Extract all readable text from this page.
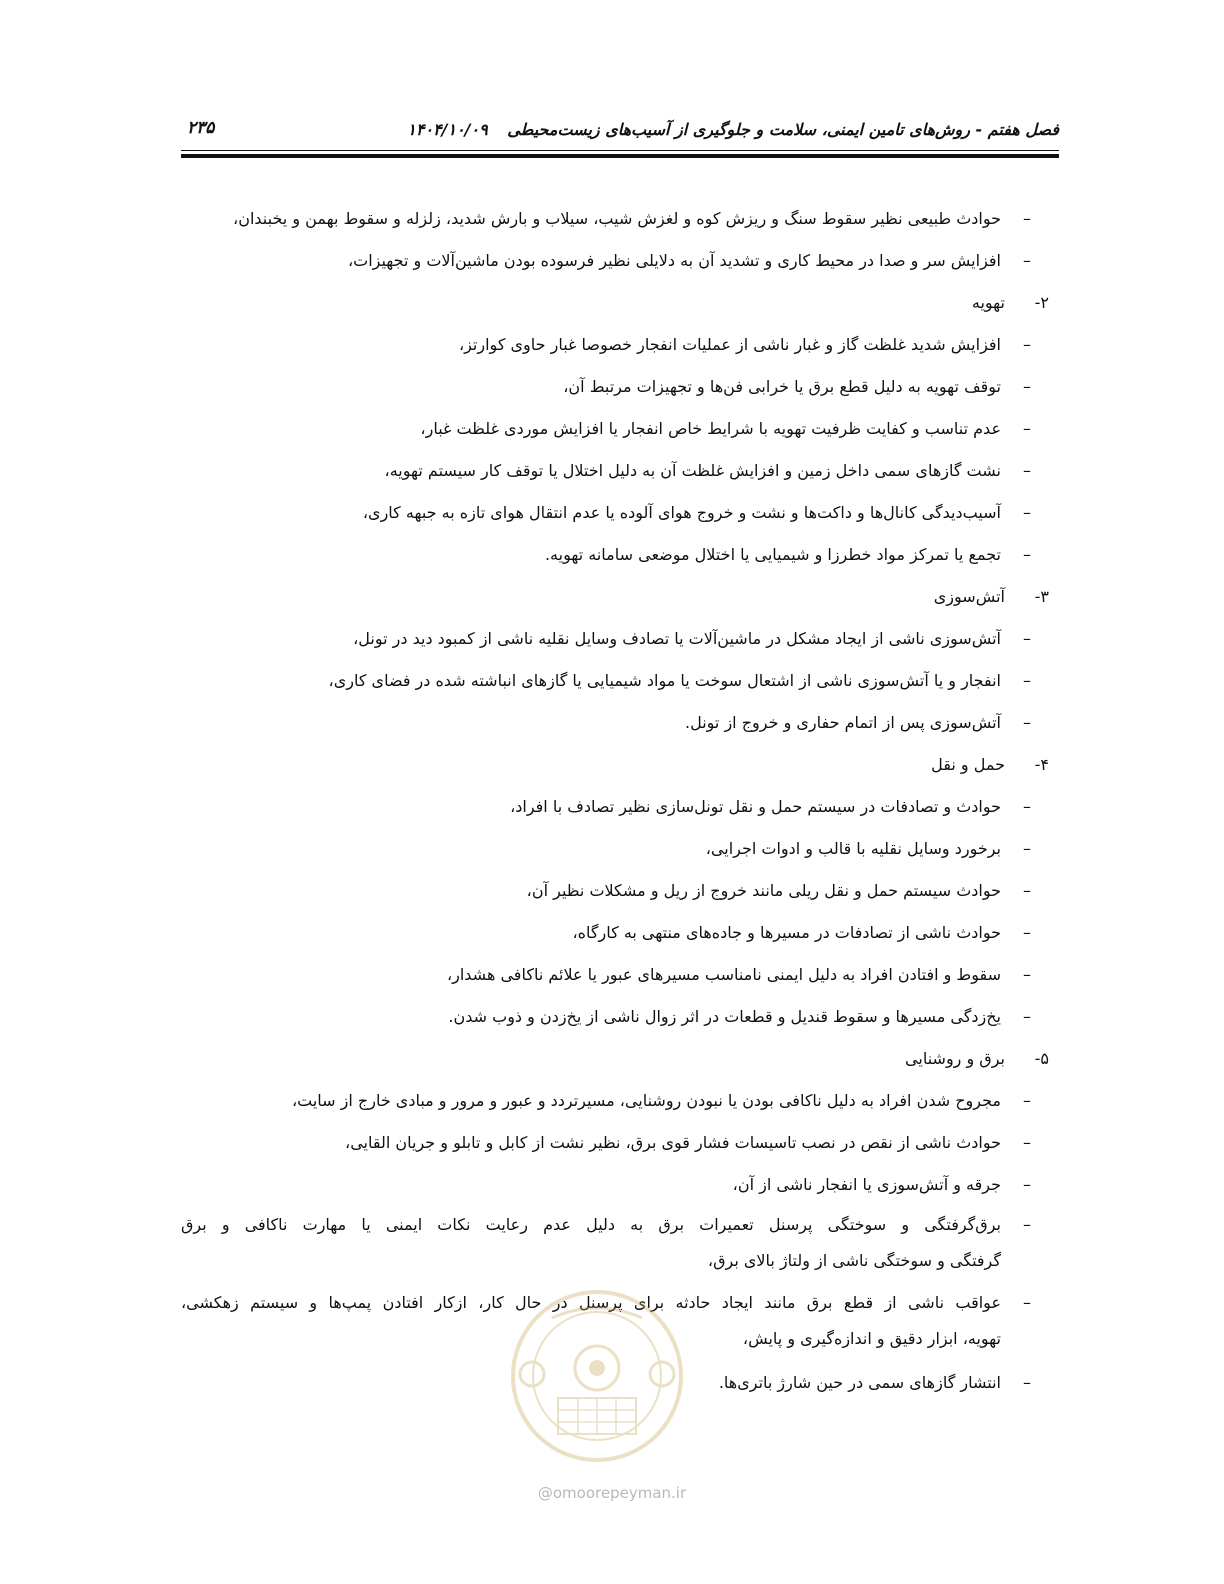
فصل هفتم - روش‌های تامین ایمنی، سلامت و جلوگیری از آسیب‌های زیست‌محیطی ۱۴۰۴/۱۰/۰۹
۲۳۵
– حوادث طبیعی نظیر سقوط سنگ و ریزش کوه و لغزش شیب، سیلاب و بارش شدید، زلزله و سقوط بهمن و یخبندان،
– افزایش سر و صدا در محیط کاری و تشدید آن به دلایلی نظیر فرسوده بودن ماشین‌آلات و تجهیزات،
۲-تهویه
– افزایش شدید غلظت گاز و غبار ناشی از عملیات انفجار خصوصا غبار حاوی کوارتز،
– توقف تهویه به دلیل قطع برق یا خرابی فن‌ها و تجهیزات مرتبط آن،
– عدم تناسب و کفایت ظرفیت تهویه با شرایط خاص انفجار یا افزایش موردی غلظت غبار،
– نشت گازهای سمی داخل زمین و افزایش غلظت آن به دلیل اختلال یا توقف کار سیستم تهویه،
– آسیب‌دیدگی کانال‌ها و داکت‌ها و نشت و خروج هوای آلوده یا عدم انتقال هوای تازه به جبهه کاری،
– تجمع یا تمرکز مواد خطرزا و شیمیایی یا اختلال موضعی سامانه تهویه.
۳-آتش‌سوزی
– آتش‌سوزی ناشی از ایجاد مشکل در ماشین‌آلات یا تصادف وسایل نقلیه ناشی از کمبود دید در تونل،
– انفجار و یا آتش‌سوزی ناشی از اشتعال سوخت یا مواد شیمیایی یا گازهای انباشته شده در فضای کاری،
– آتش‌سوزی پس از اتمام حفاری و خروج از تونل.
۴-حمل و نقل
– حوادث و تصادفات در سیستم حمل و نقل تونل‌سازی نظیر تصادف با افراد،
– برخورد وسایل نقلیه با قالب و ادوات اجرایی،
– حوادث سیستم حمل و نقل ریلی مانند خروج از ریل و مشکلات نظیر آن،
– حوادث ناشی از تصادفات در مسیرها و جاده‌های منتهی به کارگاه،
– سقوط و افتادن افراد به دلیل ایمنی نامناسب مسیرهای عبور یا علائم ناکافی هشدار،
– یخ‌زدگی مسیرها و سقوط قندیل و قطعات در اثر زوال ناشی از یخ‌زدن و ذوب شدن.
۵-برق و روشنایی
– مجروح شدن افراد به دلیل ناکافی بودن یا نبودن روشنایی، مسیرتردد و عبور و مرور و مبادی خارج از سایت،
– حوادث ناشی از نقص در نصب تاسیسات فشار قوی برق، نظیر نشت از کابل و تابلو و جریان القایی،
– جرقه و آتش‌سوزی یا انفجار ناشی از آن،
– برق‌گرفتگی و سوختگی پرسنل تعمیرات برق به دلیل عدم رعایت نکات ایمنی یا مهارت ناکافی و برق
گرفتگی و سوختگی ناشی از ولتاژ بالای برق،
– عواقب ناشی از قطع برق مانند ایجاد حادثه برای پرسنل در حال کار، ازکار افتادن پمپ‌ها و سیستم زهکشی،
تهویه، ابزار دقیق و اندازه‌گیری و پایش،
– انتشار گازهای سمی در حین شارژ باتری‌ها.
@omoorepeyman.ir
